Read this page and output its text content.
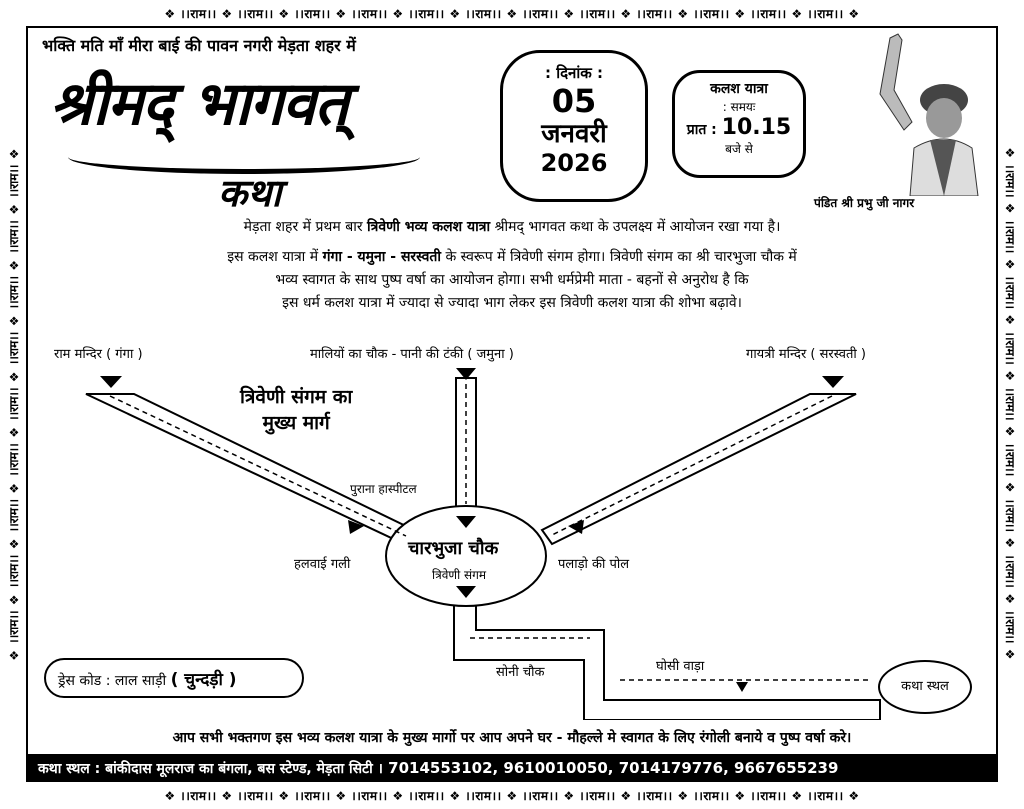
❖ ।।राम।। ❖ ।।राम।। ❖ ।।राम।। ❖ ।।राम।। ❖ ।।राम।। ❖ ।।राम।। ❖ ।।राम।। ❖ ।।राम।। ❖ ।।राम।। ❖ ।।राम।। ❖ ।।राम।। ❖ ।।राम।। ❖
❖ ।।राम।। ❖ ।।राम।। ❖ ।।राम।। ❖ ।।राम।। ❖ ।।राम।। ❖ ।।राम।। ❖ ।।राम।। ❖ ।।राम।। ❖ ।।राम।। ❖ ।।राम।। ❖ ।।राम।। ❖ ।।राम।। ❖
❖ ।।राम।। ❖ ।।राम।। ❖ ।।राम।। ❖ ।।राम।। ❖ ।।राम।। ❖ ।।राम।। ❖ ।।राम।। ❖ ।।राम।। ❖ ।।राम।। ❖	❖ ।।राम।। ❖ ।।राम।। ❖ ।।राम।। ❖ ।।राम।। ❖ ।।राम।। ❖ ।।राम।। ❖ ।।राम।। ❖ ।।राम।। ❖ ।।राम।। ❖
भक्ति मति माँ मीरा बाई की पावन नगरी मेड़ता शहर में
श्रीमद् भागवत्
कथा
: दिनांक :
05
जनवरी
2026
कलश यात्रा
: समयः
प्रात : 10.15
बजे से
पंडित श्री प्रभु जी नागर
मेड़ता शहर में प्रथम बार त्रिवेणी भव्य कलश यात्रा श्रीमद् भागवत कथा के उपलक्ष्य में आयोजन रखा गया है।
इस कलश यात्रा में गंगा - यमुना - सरस्वती के स्वरूप में त्रिवेणी संगम होगा। त्रिवेणी संगम का श्री चारभुजा चौक में
भव्य स्वागत के साथ पुष्प वर्षा का आयोजन होगा। सभी धर्मप्रेमी माता - बहनों से अनुरोध है कि
इस धर्म कलश यात्रा में ज्यादा से ज्यादा भाग लेकर इस त्रिवेणी कलश यात्रा की शोभा बढ़ावे।
राम मन्दिर ( गंगा )	मालियों का चौक - पानी की टंकी ( जमुना )	गायत्री मन्दिर ( सरस्वती )
त्रिवेणी संगम का
मुख्य मार्ग
पुराना हास्पीटल
हलवाई गली
चारभुजा चौक
त्रिवेणी संगम
पलाड़ो की पोल
सोनी चौक	घोसी वाड़ा
कथा स्थल
ड्रेस कोड : लाल साड़ी ( चुन्दड़ी )
आप सभी भक्तगण इस भव्य कलश यात्रा के मुख्य मार्गो पर आप अपने घर - मौहल्ले मे स्वागत के लिए रंगोली बनाये व पुष्प वर्षा करे।
कथा स्थल : बांकीदास मूलराज का बंगला, बस स्टेण्ड, मेड़ता सिटी । 7014553102, 9610010050, 7014179776, 9667655239
